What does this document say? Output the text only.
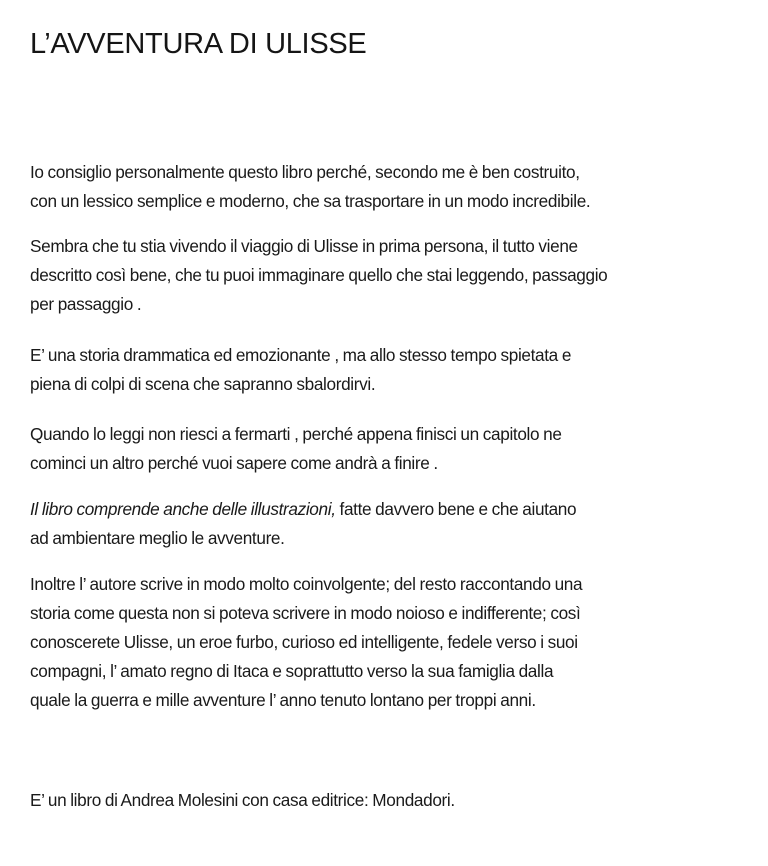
L’AVVENTURA DI ULISSE

Io consiglio personalmente questo libro perché, secondo me è ben costruito,
con un lessico semplice e moderno, che sa trasportare in un modo incredibile.

Sembra che tu stia vivendo il viaggio di Ulisse in prima persona, il tutto viene
descritto così bene, che tu puoi immaginare quello che stai leggendo, passaggio
per passaggio .

E’ una storia drammatica ed emozionante , ma allo stesso tempo spietata e
piena di colpi di scena che sapranno sbalordirvi.

Quando lo leggi non riesci a fermarti , perché appena finisci un capitolo ne
cominci un altro perché vuoi sapere come andrà a finire .

Il libro comprende anche delle illustrazioni, fatte davvero bene e che aiutano
ad ambientare meglio le avventure.

Inoltre l’ autore scrive in modo molto coinvolgente; del resto raccontando una
storia come questa non si poteva scrivere in modo noioso e indifferente; così
conoscerete Ulisse, un eroe furbo, curioso ed intelligente, fedele verso i suoi
compagni, l’ amato regno di Itaca e soprattutto verso la sua famiglia dalla
quale la guerra e mille avventure l’ anno tenuto lontano per troppi anni.

E’ un libro di Andrea Molesini con casa editrice: Mondadori.
